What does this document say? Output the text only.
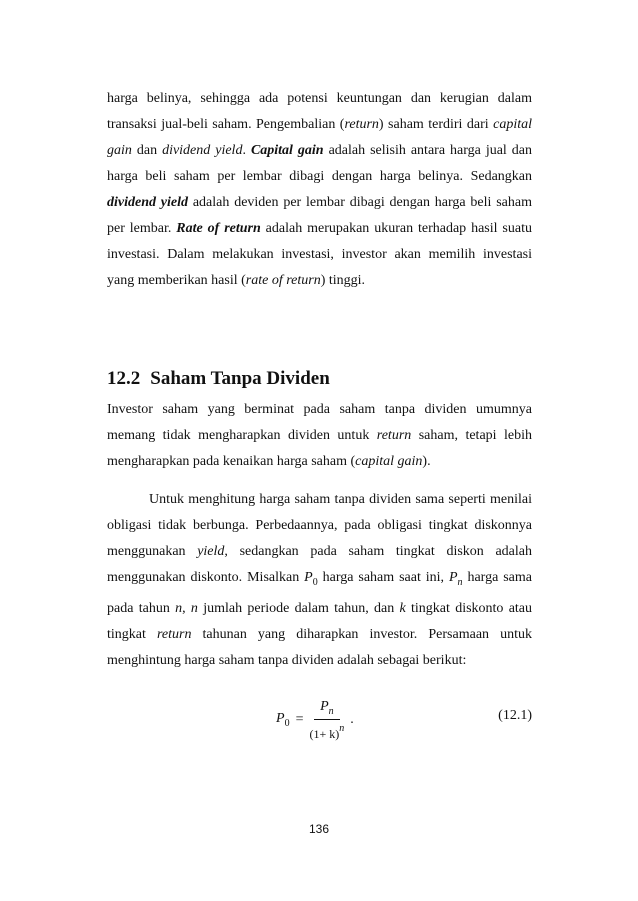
harga belinya, sehingga ada potensi keuntungan dan kerugian dalam transaksi jual-beli saham. Pengembalian (return) saham terdiri dari capital gain dan dividend yield. Capital gain adalah selisih antara harga jual dan harga beli saham per lembar dibagi dengan harga belinya. Sedangkan dividend yield adalah deviden per lembar dibagi dengan harga beli saham per lembar. Rate of return adalah merupakan ukuran terhadap hasil suatu investasi. Dalam melakukan investasi, investor akan memilih investasi yang memberikan hasil (rate of return) tinggi.

12.2 Saham Tanpa Dividen

Investor saham yang berminat pada saham tanpa dividen umumnya memang tidak mengharapkan dividen untuk return saham, tetapi lebih mengharapkan pada kenaikan harga saham (capital gain).

Untuk menghitung harga saham tanpa dividen sama seperti menilai obligasi tidak berbunga. Perbedaannya, pada obligasi tingkat diskonnya menggunakan yield, sedangkan pada saham tingkat diskon adalah menggunakan diskonto. Misalkan $P_0$ harga saham saat ini, $P_n$ harga sama pada tahun n, n jumlah periode dalam tahun, dan k tingkat diskonto atau tingkat return tahunan yang diharapkan investor. Persamaan untuk menghintung harga saham tanpa dividen adalah sebagai berikut:

$P_0 = \frac{P_n}{(1+ k)^n}$ .	(12.1)
136
